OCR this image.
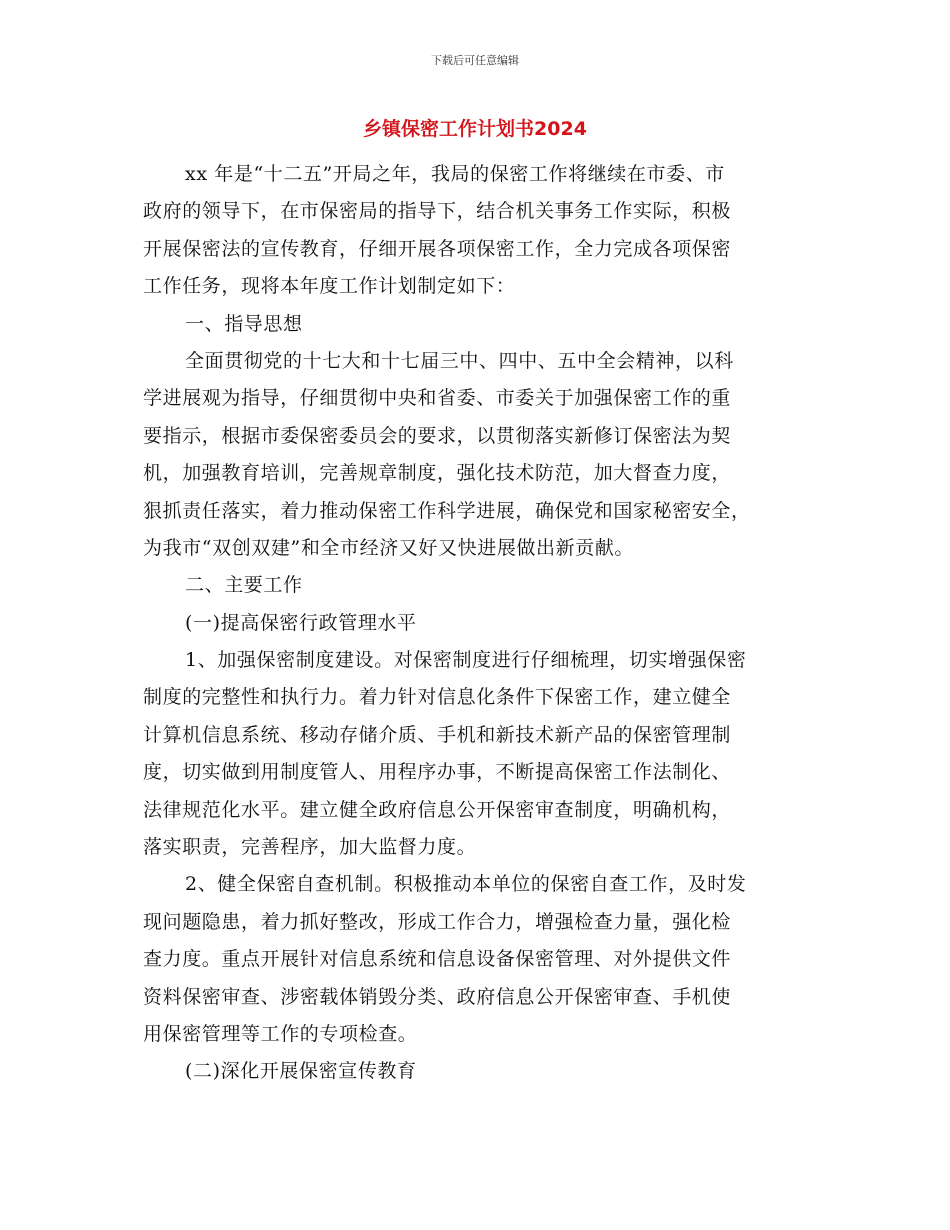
下载后可任意编辑
乡镇保密工作计划书2024
xx 年是“十二五”开局之年，我局的保密工作将继续在市委、市
政府的领导下，在市保密局的指导下，结合机关事务工作实际，积极
开展保密法的宣传教育，仔细开展各项保密工作，全力完成各项保密
工作任务，现将本年度工作计划制定如下：
一、指导思想
全面贯彻党的十七大和十七届三中、四中、五中全会精神，以科
学进展观为指导，仔细贯彻中央和省委、市委关于加强保密工作的重
要指示，根据市委保密委员会的要求，以贯彻落实新修订保密法为契
机，加强教育培训，完善规章制度，强化技术防范，加大督查力度，
狠抓责任落实，着力推动保密工作科学进展，确保党和国家秘密安全，
为我市“双创双建”和全市经济又好又快进展做出新贡献。
二、主要工作
(一)提高保密行政管理水平
1、加强保密制度建设。对保密制度进行仔细梳理，切实增强保密
制度的完整性和执行力。着力针对信息化条件下保密工作，建立健全
计算机信息系统、移动存储介质、手机和新技术新产品的保密管理制
度，切实做到用制度管人、用程序办事，不断提高保密工作法制化、
法律规范化水平。建立健全政府信息公开保密审查制度，明确机构，
落实职责，完善程序，加大监督力度。
2、健全保密自查机制。积极推动本单位的保密自查工作，及时发
现问题隐患，着力抓好整改，形成工作合力，增强检查力量，强化检
查力度。重点开展针对信息系统和信息设备保密管理、对外提供文件
资料保密审查、涉密载体销毁分类、政府信息公开保密审查、手机使
用保密管理等工作的专项检查。
(二)深化开展保密宣传教育
